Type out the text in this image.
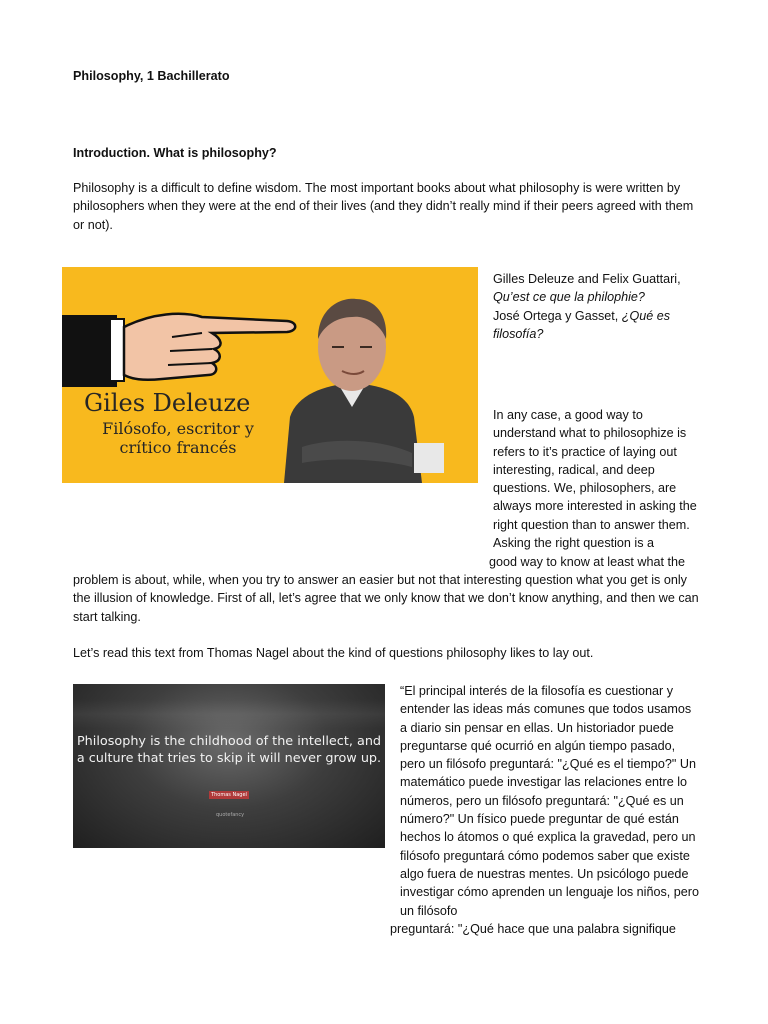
Philosophy, 1 Bachillerato

Introduction. What is philosophy?

Philosophy is a difficult to define wisdom. The most important books about what philosophy is were written by philosophers when they were at the end of their lives (and they didn’t really mind if their peers agreed with them or not).

Giles Deleuze
Filósofo, escritor y
crítico francés
Gilles Deleuze and Felix Guattari,
Qu’est ce que la philophie?
José Ortega y Gasset, ¿Qué es filosofía?

In any case, a good way to understand what to philosophize is refers to it’s practice of laying out interesting, radical, and deep questions. We, philosophers, are always more interested in asking the right question than to answer them. Asking the right question is a

good way to know at least what the

problem is about, while, when you try to answer an easier but not that interesting question what you get is only the illusion of knowledge. First of all, let’s agree that we only know that we don’t know anything, and then we can start talking.

Let’s read this text from Thomas Nagel about the kind of questions philosophy likes to lay out.

Philosophy is the childhood of the intellect, and a culture that tries to skip it will never grow up.
Thomas Nagel
quotefancy

“El principal interés de la filosofía es cuestionar y entender las ideas más comunes que todos usamos a diario sin pensar en ellas. Un historiador puede preguntarse qué ocurrió en algún tiempo pasado, pero un filósofo preguntará: "¿Qué es el tiempo?" Un matemático puede investigar las relaciones entre lo números, pero un filósofo preguntará: "¿Qué es un número?" Un físico puede preguntar de qué están hechos lo átomos o qué explica la gravedad, pero un filósofo preguntará cómo podemos saber que existe algo fuera de nuestras mentes. Un psicólogo puede investigar cómo aprenden un lenguaje los niños, pero un filósofo

preguntará: "¿Qué hace que una palabra signifique
